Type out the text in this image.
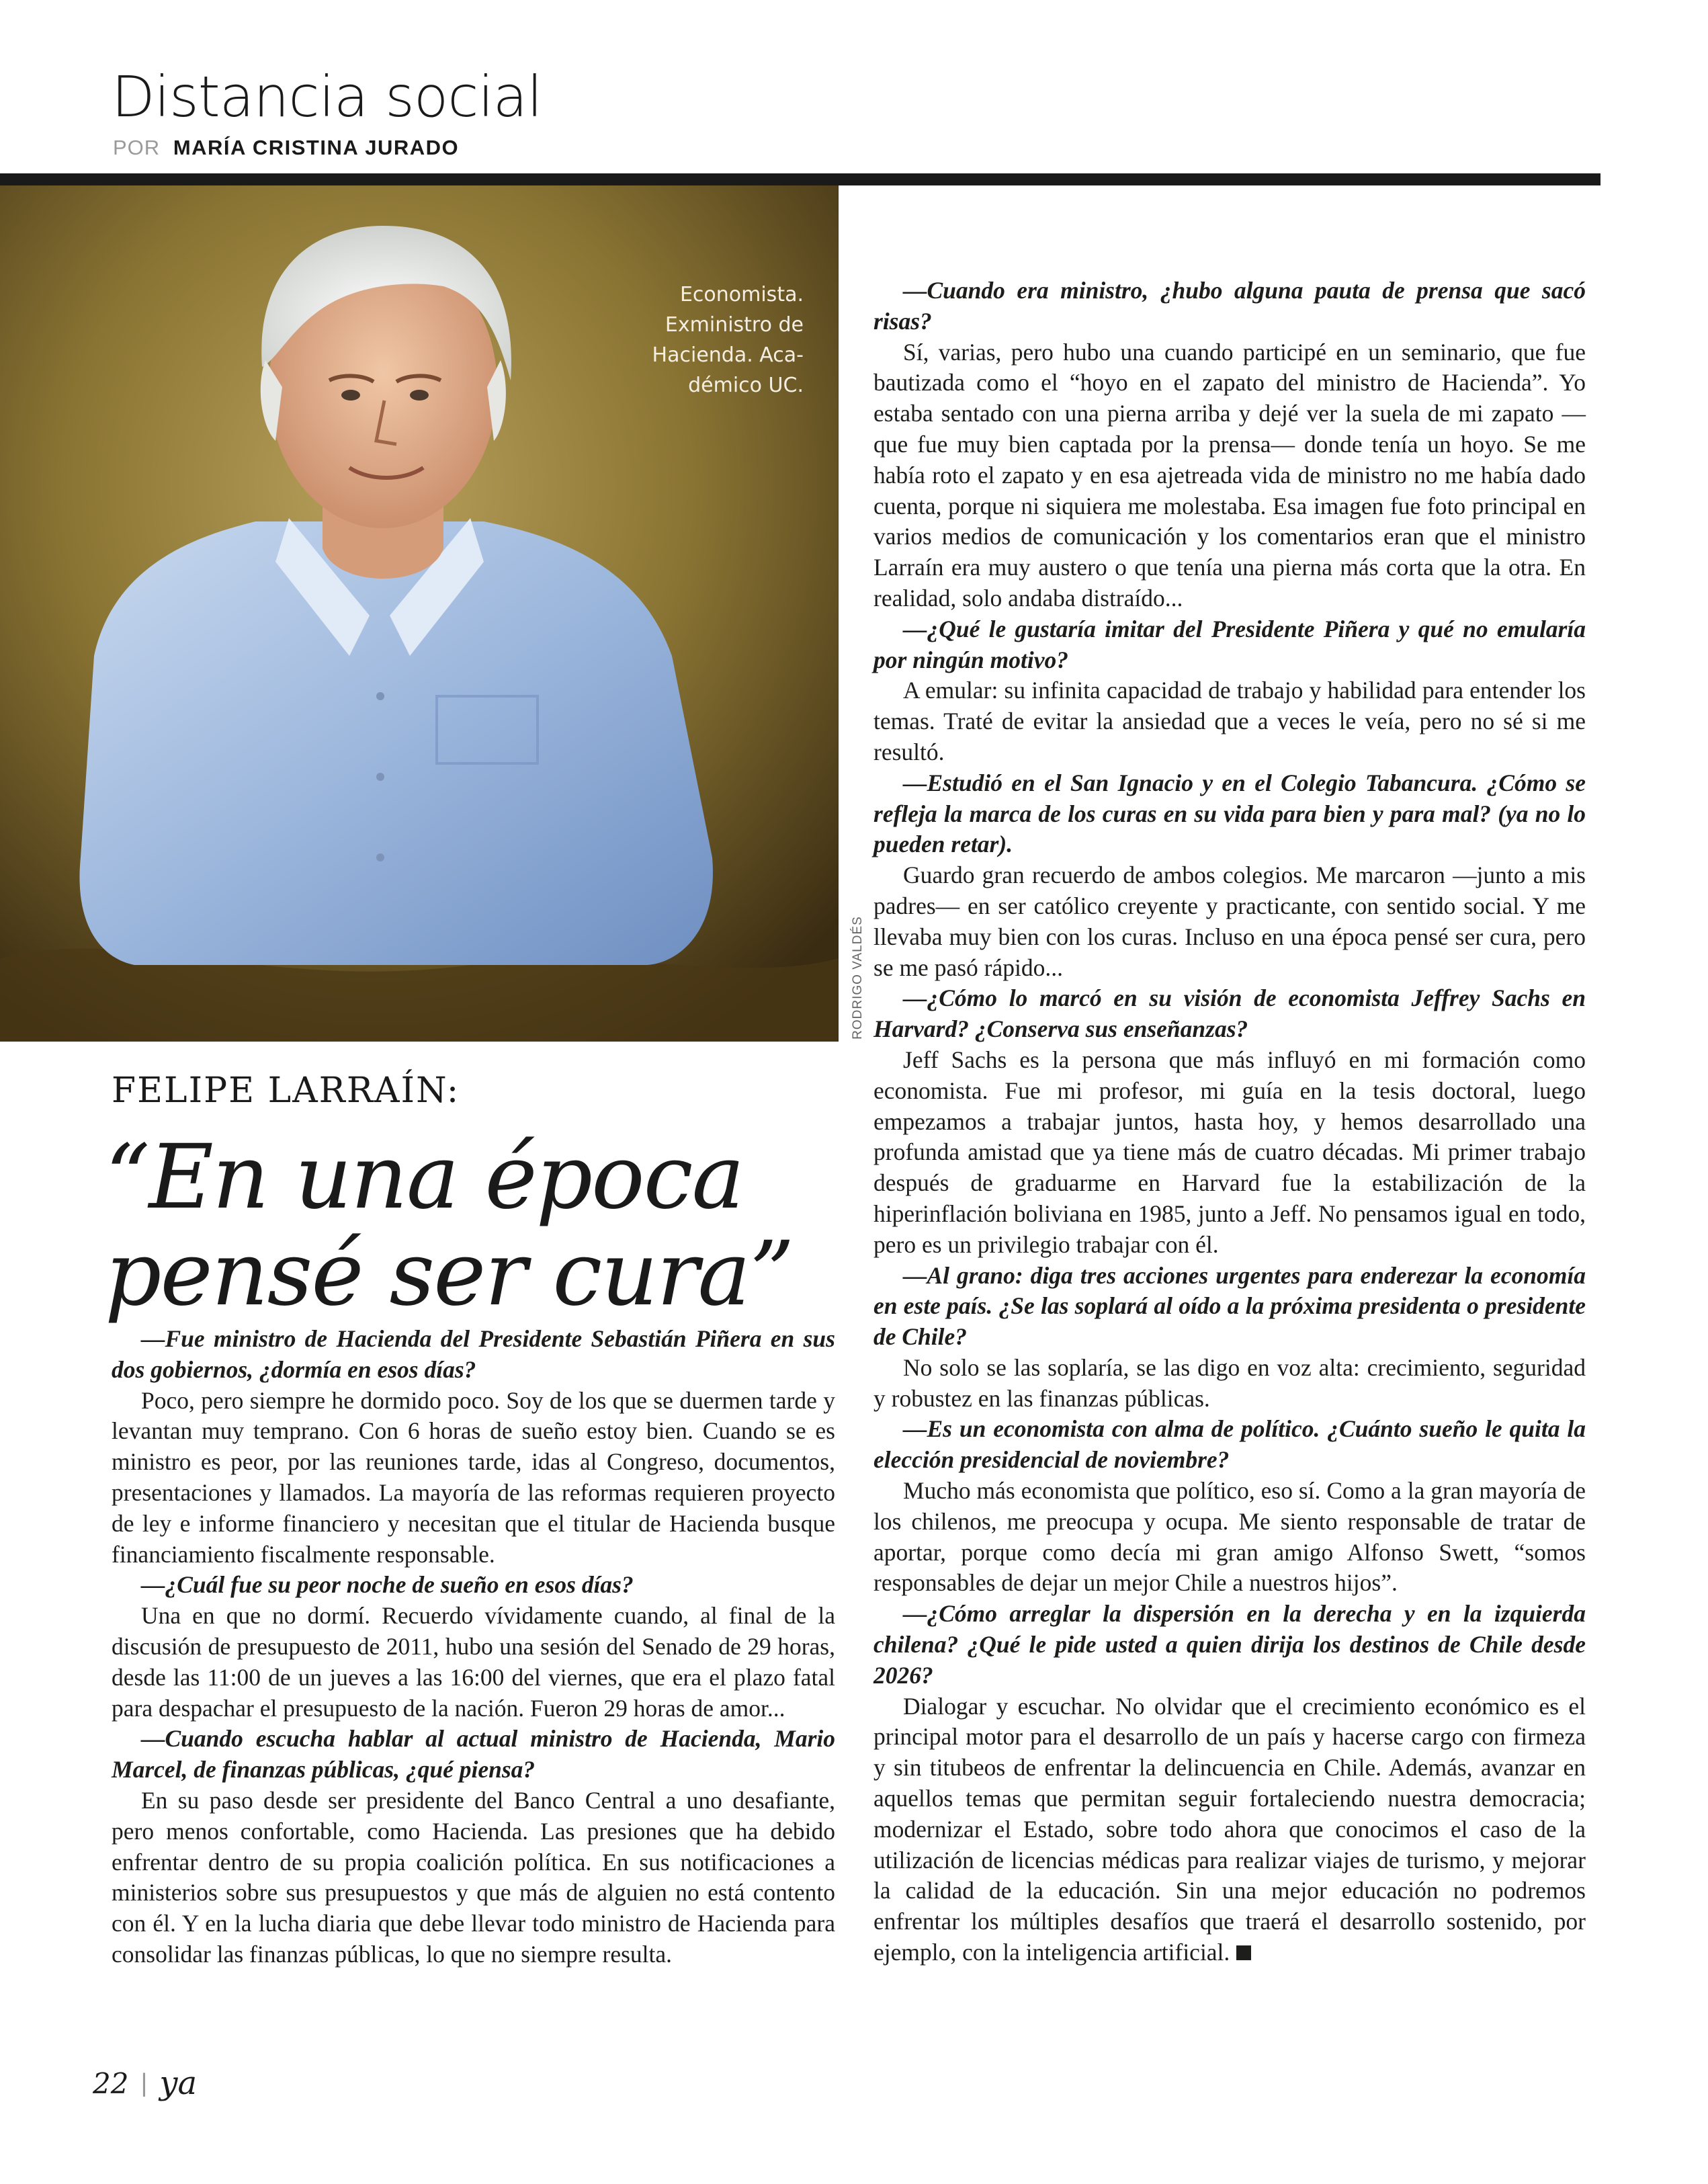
Distancia social
POR MARÍA CRISTINA JURADO

Economista.
Exministro de
Hacienda. Aca-
démico UC.

RODRIGO VALDÉS
FELIPE LARRAÍN:
“En una época
pensé ser cura”

—Fue ministro de Hacienda del Presidente Sebastián Piñera en sus dos gobiernos, ¿dormía en esos días?

Poco, pero siempre he dormido poco. Soy de los que se duermen tarde y levantan muy temprano. Con 6 horas de sueño estoy bien. Cuando se es ministro es peor, por las reuniones tarde, idas al Congreso, documentos, presentaciones y llamados. La mayoría de las reformas requieren proyecto de ley e informe financiero y necesitan que el titular de Hacienda busque financiamiento fiscalmente responsable.

—¿Cuál fue su peor noche de sueño en esos días?

Una en que no dormí. Recuerdo vívidamente cuando, al final de la discusión de presupuesto de 2011, hubo una sesión del Senado de 29 horas, desde las 11:00 de un jueves a las 16:00 del viernes, que era el plazo fatal para despachar el presupuesto de la nación. Fueron 29 horas de amor...

—Cuando escucha hablar al actual ministro de Hacienda, Mario Marcel, de finanzas públicas, ¿qué piensa?

En su paso desde ser presidente del Banco Central a uno desafiante, pero menos confortable, como Hacienda. Las presiones que ha debido enfrentar dentro de su propia coalición política. En sus notificaciones a ministerios sobre sus presupuestos y que más de alguien no está contento con él. Y en la lucha diaria que debe llevar todo ministro de Hacienda para consolidar las finanzas públicas, lo que no siempre resulta.

—Cuando era ministro, ¿hubo alguna pauta de prensa que sacó risas?

Sí, varias, pero hubo una cuando participé en un seminario, que fue bautizada como el “hoyo en el zapato del ministro de Hacienda”. Yo estaba sentado con una pierna arriba y dejé ver la suela de mi zapato —que fue muy bien captada por la prensa— donde tenía un hoyo. Se me había roto el zapato y en esa ajetreada vida de ministro no me había dado cuenta, porque ni siquiera me molestaba. Esa imagen fue foto principal en varios medios de comunicación y los comentarios eran que el ministro Larraín era muy austero o que tenía una pierna más corta que la otra. En realidad, solo andaba distraído...

—¿Qué le gustaría imitar del Presidente Piñera y qué no emularía por ningún motivo?

A emular: su infinita capacidad de trabajo y habilidad para entender los temas. Traté de evitar la ansiedad que a veces le veía, pero no sé si me resultó.

—Estudió en el San Ignacio y en el Colegio Tabancura. ¿Cómo se refleja la marca de los curas en su vida para bien y para mal? (ya no lo pueden retar).

Guardo gran recuerdo de ambos colegios. Me marcaron —junto a mis padres— en ser católico creyente y practicante, con sentido social. Y me llevaba muy bien con los curas. Incluso en una época pensé ser cura, pero se me pasó rápido...

—¿Cómo lo marcó en su visión de economista Jeffrey Sachs en Harvard? ¿Conserva sus enseñanzas?

Jeff Sachs es la persona que más influyó en mi formación como economista. Fue mi profesor, mi guía en la tesis doctoral, luego empezamos a trabajar juntos, hasta hoy, y hemos desarrollado una profunda amistad que ya tiene más de cuatro décadas. Mi primer trabajo después de graduarme en Harvard fue la estabilización de la hiperinflación boliviana en 1985, junto a Jeff. No pensamos igual en todo, pero es un privilegio trabajar con él.

—Al grano: diga tres acciones urgentes para enderezar la economía en este país. ¿Se las soplará al oído a la próxima presidenta o presidente de Chile?

No solo se las soplaría, se las digo en voz alta: crecimiento, seguridad y robustez en las finanzas públicas.

—Es un economista con alma de político. ¿Cuánto sueño le quita la elección presidencial de noviembre?

Mucho más economista que político, eso sí. Como a la gran mayoría de los chilenos, me preocupa y ocupa. Me siento responsable de tratar de aportar, porque como decía mi gran amigo Alfonso Swett, “somos responsables de dejar un mejor Chile a nuestros hijos”.

—¿Cómo arreglar la dispersión en la derecha y en la izquierda chilena? ¿Qué le pide usted a quien dirija los destinos de Chile desde 2026?

Dialogar y escuchar. No olvidar que el crecimiento económico es el principal motor para el desarrollo de un país y hacerse cargo con firmeza y sin titubeos de enfrentar la delincuencia en Chile. Además, avanzar en aquellos temas que permitan seguir fortaleciendo nuestra democracia; modernizar el Estado, sobre todo ahora que conocimos el caso de la utilización de licencias médicas para realizar viajes de turismo, y mejorar la calidad de la educación. Sin una mejor educación no podremos enfrentar los múltiples desafíos que traerá el desarrollo sostenido, por ejemplo, con la inteligencia artificial.

22 | ya
